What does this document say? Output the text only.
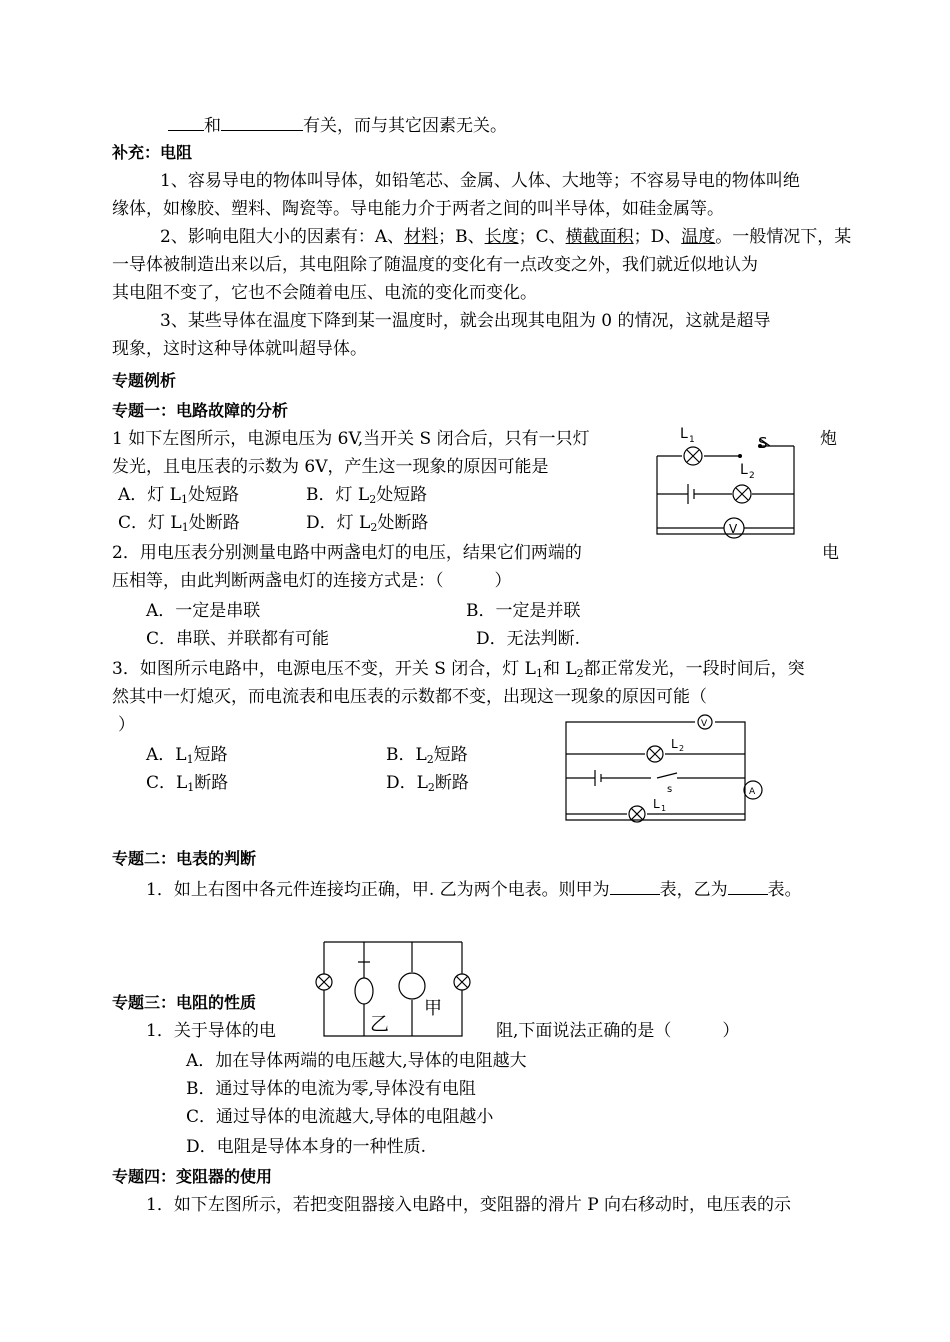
和	有关，而与其它因素无关。
补充：电阻
1、容易导电的物体叫导体，如铅笔芯、金属、人体、大地等；不容易导电的物体叫绝
缘体，如橡胶、塑料、陶瓷等。导电能力介于两者之间的叫半导体，如硅金属等。
2、影响电阻大小的因素有：A、材料；B、长度；C、横截面积；D、温度。一般情况下，某
一导体被制造出来以后，其电阻除了随温度的变化有一点改变之外，我们就近似地认为
其电阻不变了，它也不会随着电压、电流的变化而变化。
3、某些导体在温度下降到某一温度时，就会出现其电阻为 0 的情况，这就是超导
现象，这时这种导体就叫超导体。
专题例析
专题一：电路故障的分析
1 如下左图所示，电源电压为 6V,当开关 S 闭合后，只有一只灯	炮
发光，且电压表的示数为 6V，产生这一现象的原因可能是
A．灯 $L_1$处短路	B．灯 $L_2$处短路
C．灯 $L_1$处断路	D．灯 $L_2$处断路
2．用电压表分别测量电路中两盏电灯的电压，结果它们两端的	电
压相等，由此判断两盏电灯的连接方式是：（　　　）
A．一定是串联	B．一定是并联
C．串联、并联都有可能	D．无法判断.
3．如图所示电路中，电源电压不变，开关 S 闭合，灯 $L_1$和 $L_2$都正常发光，一段时间后，突
然其中一灯熄灭，而电流表和电压表的示数都不变，出现这一现象的原因可能（
）
A．$L_1$短路	B．$L_2$短路
C．$L_1$断路	D．$L_2$断路
专题二：电表的判断
1．如上右图中各元件连接均正确，甲. 乙为两个电表。则甲为	表，乙为 表。
专题三：电阻的性质
1．关于导体的电	阻,下面说法正确的是（　　　）
A．加在导体两端的电压越大,导体的电阻越大
B．通过导体的电流为零,导体没有电阻
C．通过导体的电流越大,导体的电阻越小
D．电阻是导体本身的一种性质.
专题四：变阻器的使用
1．如下左图所示，若把变阻器接入电路中，变阻器的滑片 P 向右移动时，电压表的示
L 1	S
L 2
V
V
A
L 2
s
L 1
乙
甲
